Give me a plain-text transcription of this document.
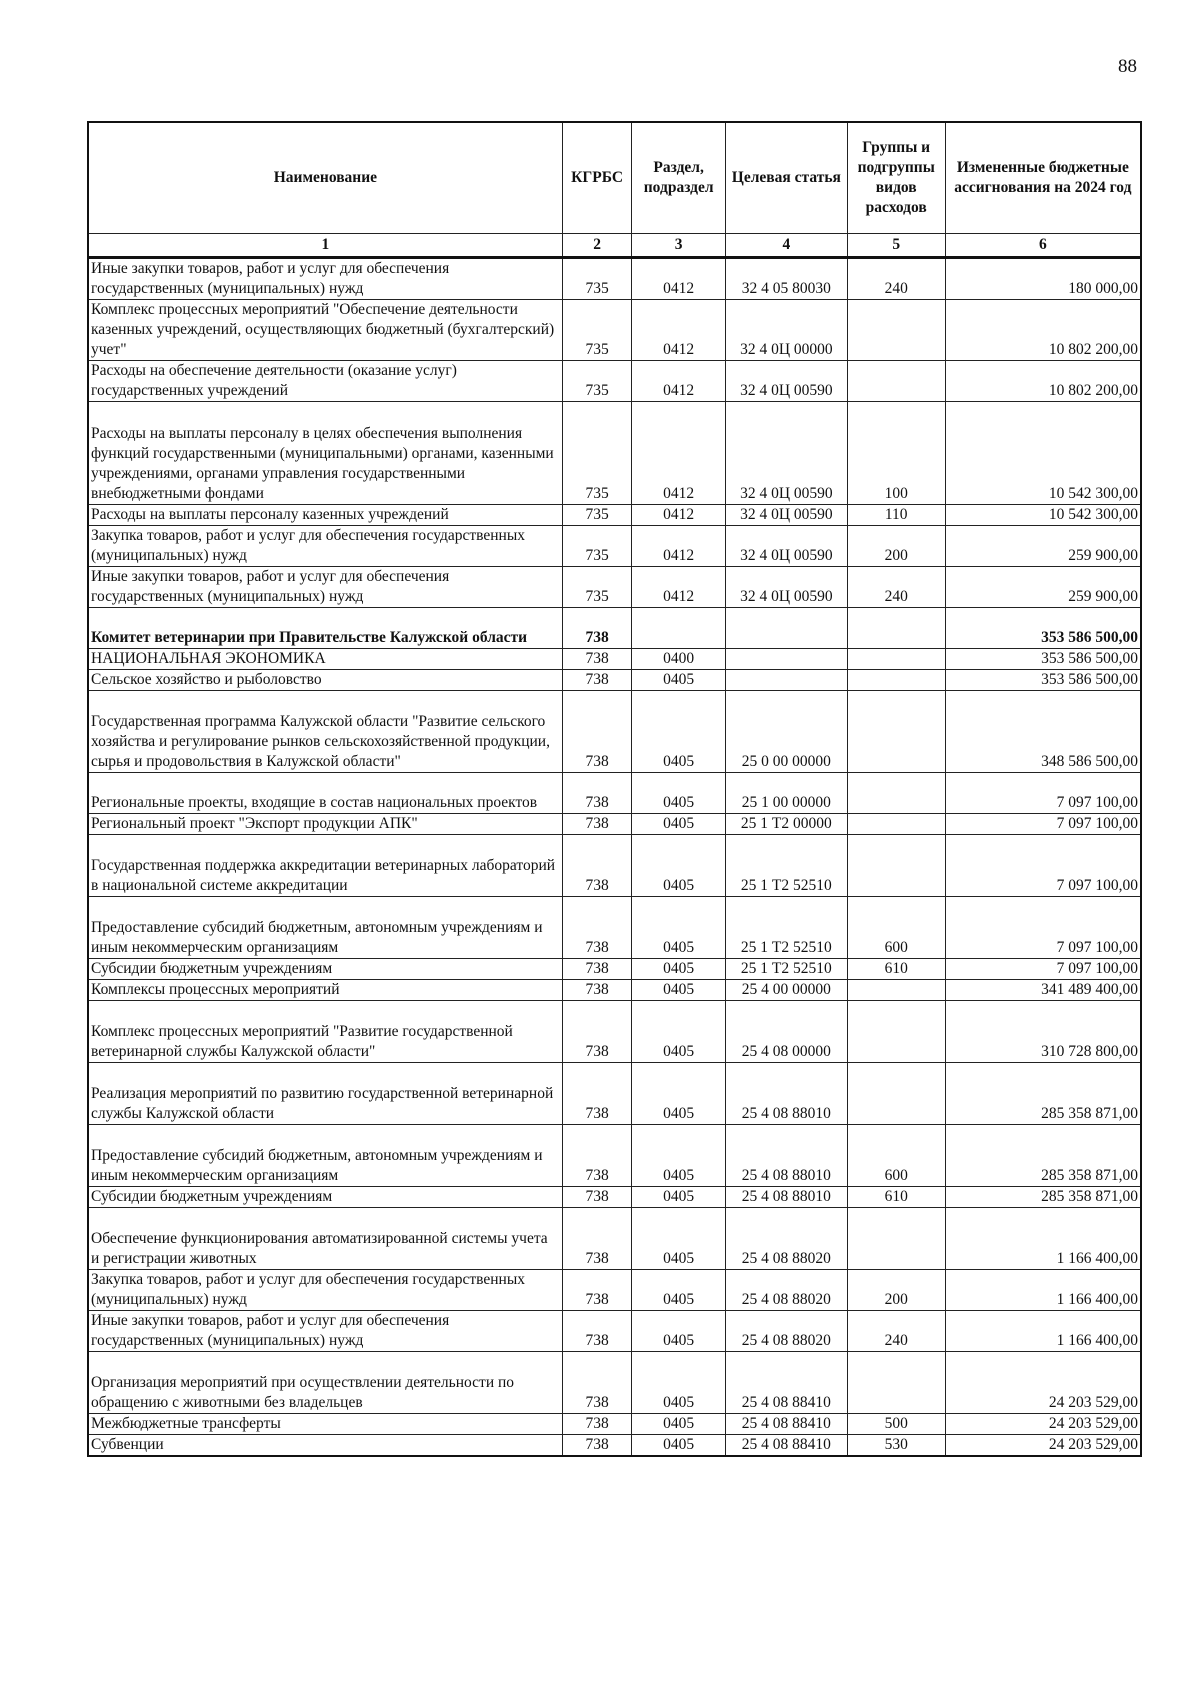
88
Наименование	КГРБС	Раздел, подраздел	Целевая статья	Группы и подгруппы видов расходов	Измененные бюджетные ассигнования на 2024 год
1	2	3	4	5	6
Иные закупки товаров, работ и услуг для обеспечения государственных (муниципальных) нужд	735	0412	32 4 05 80030	240	180 000,00
Комплекс процессных мероприятий "Обеспечение деятельности казенных учреждений, осуществляющих бюджетный (бухгалтерский) учет"	735	0412	32 4 0Ц 00000		10 802 200,00
Расходы на обеспечение деятельности (оказание услуг) государственных учреждений	735	0412	32 4 0Ц 00590		10 802 200,00
Расходы на выплаты персоналу в целях обеспечения выполнения функций государственными (муниципальными) органами, казенными учреждениями, органами управления государственными внебюджетными фондами	735	0412	32 4 0Ц 00590	100	10 542 300,00
Расходы на выплаты персоналу казенных учреждений	735	0412	32 4 0Ц 00590	110	10 542 300,00
Закупка товаров, работ и услуг для обеспечения государственных (муниципальных) нужд	735	0412	32 4 0Ц 00590	200	259 900,00
Иные закупки товаров, работ и услуг для обеспечения государственных (муниципальных) нужд	735	0412	32 4 0Ц 00590	240	259 900,00
Комитет ветеринарии при Правительстве Калужской области	738				353 586 500,00
НАЦИОНАЛЬНАЯ ЭКОНОМИКА	738	0400			353 586 500,00
Сельское хозяйство и рыболовство	738	0405			353 586 500,00
Государственная программа Калужской области "Развитие сельского хозяйства и регулирование рынков сельскохозяйственной продукции, сырья и продовольствия в Калужской области"	738	0405	25 0 00 00000		348 586 500,00
Региональные проекты, входящие в состав национальных проектов	738	0405	25 1 00 00000		7 097 100,00
Региональный проект "Экспорт продукции АПК"	738	0405	25 1 Т2 00000		7 097 100,00
Государственная поддержка аккредитации ветеринарных лабораторий в национальной системе аккредитации	738	0405	25 1 Т2 52510		7 097 100,00
Предоставление субсидий бюджетным, автономным учреждениям и иным некоммерческим организациям	738	0405	25 1 Т2 52510	600	7 097 100,00
Субсидии бюджетным учреждениям	738	0405	25 1 Т2 52510	610	7 097 100,00
Комплексы процессных мероприятий	738	0405	25 4 00 00000		341 489 400,00
Комплекс процессных мероприятий "Развитие государственной ветеринарной службы Калужской области"	738	0405	25 4 08 00000		310 728 800,00
Реализация мероприятий по развитию государственной ветеринарной службы Калужской области	738	0405	25 4 08 88010		285 358 871,00
Предоставление субсидий бюджетным, автономным учреждениям и иным некоммерческим организациям	738	0405	25 4 08 88010	600	285 358 871,00
Субсидии бюджетным учреждениям	738	0405	25 4 08 88010	610	285 358 871,00
Обеспечение функционирования автоматизированной системы учета и регистрации животных	738	0405	25 4 08 88020		1 166 400,00
Закупка товаров, работ и услуг для обеспечения государственных (муниципальных) нужд	738	0405	25 4 08 88020	200	1 166 400,00
Иные закупки товаров, работ и услуг для обеспечения государственных (муниципальных) нужд	738	0405	25 4 08 88020	240	1 166 400,00
Организация мероприятий при осуществлении деятельности по обращению с животными без владельцев	738	0405	25 4 08 88410		24 203 529,00
Межбюджетные трансферты	738	0405	25 4 08 88410	500	24 203 529,00
Субвенции	738	0405	25 4 08 88410	530	24 203 529,00
